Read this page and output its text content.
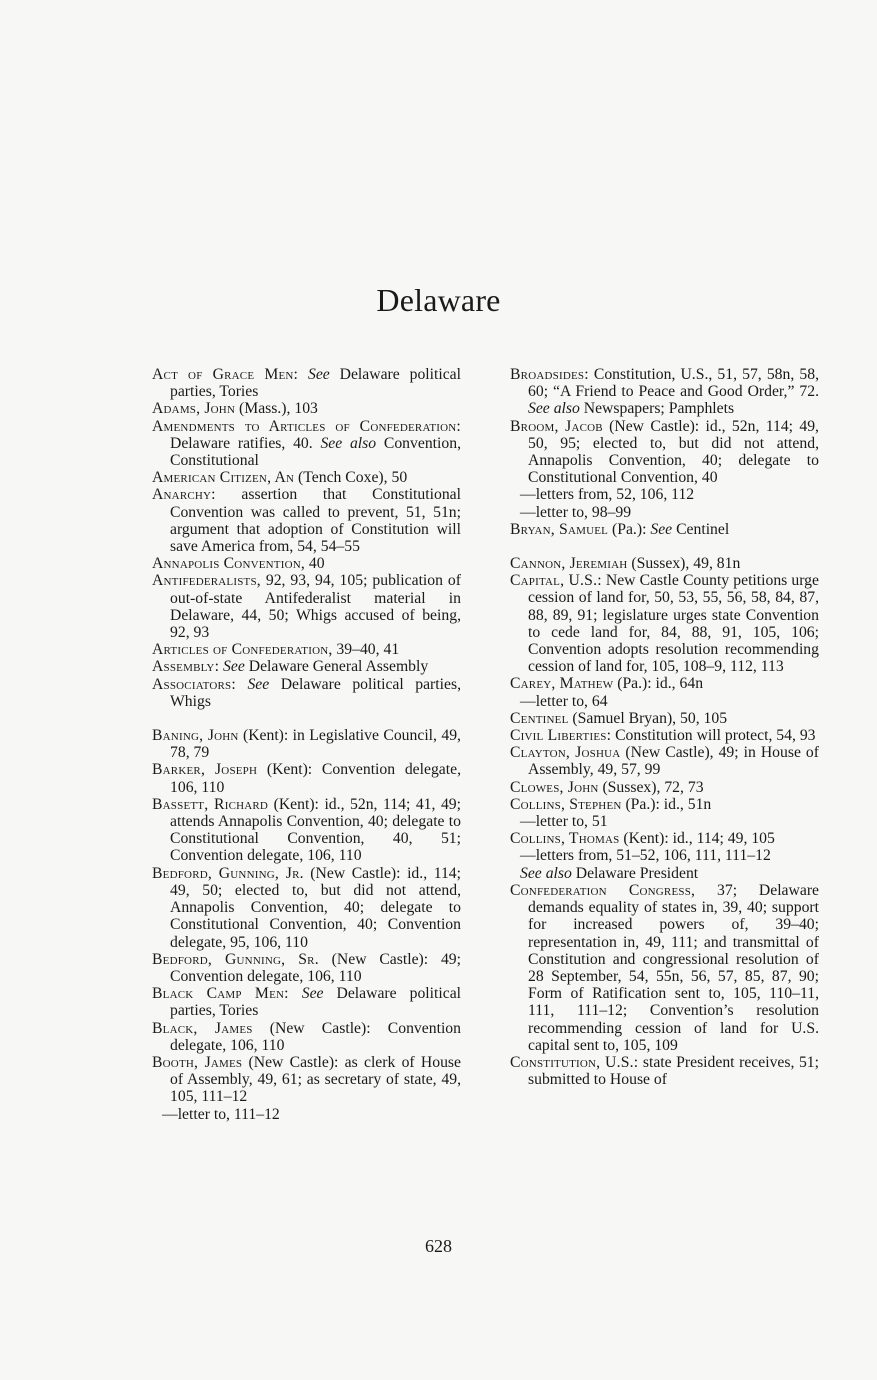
Delaware
Act of Grace Men: See Delaware political parties, Tories
Adams, John (Mass.), 103
Amendments to Articles of Confederation: Delaware ratifies, 40. See also Convention, Constitutional
American Citizen, An (Tench Coxe), 50
Anarchy: assertion that Constitutional Convention was called to prevent, 51, 51n; argument that adoption of Constitution will save America from, 54, 54–55
Annapolis Convention, 40
Antifederalists, 92, 93, 94, 105; publication of out-of-state Antifederalist material in Delaware, 44, 50; Whigs accused of being, 92, 93
Articles of Confederation, 39–40, 41
Assembly: See Delaware General Assembly
Associators: See Delaware political parties, Whigs
Baning, John (Kent): in Legislative Council, 49, 78, 79
Barker, Joseph (Kent): Convention delegate, 106, 110
Bassett, Richard (Kent): id., 52n, 114; 41, 49; attends Annapolis Convention, 40; delegate to Constitutional Convention, 40, 51; Convention delegate, 106, 110
Bedford, Gunning, Jr. (New Castle): id., 114; 49, 50; elected to, but did not attend, Annapolis Convention, 40; delegate to Constitutional Convention, 40; Convention delegate, 95, 106, 110
Bedford, Gunning, Sr. (New Castle): 49; Convention delegate, 106, 110
Black Camp Men: See Delaware political parties, Tories
Black, James (New Castle): Convention delegate, 106, 110
Booth, James (New Castle): as clerk of House of Assembly, 49, 61; as secretary of state, 49, 105, 111–12
—letter to, 111–12
Broadsides: Constitution, U.S., 51, 57, 58n, 58, 60; “A Friend to Peace and Good Order,” 72. See also Newspapers; Pamphlets
Broom, Jacob (New Castle): id., 52n, 114; 49, 50, 95; elected to, but did not attend, Annapolis Convention, 40; delegate to Constitutional Convention, 40
—letters from, 52, 106, 112
—letter to, 98–99
Bryan, Samuel (Pa.): See Centinel
Cannon, Jeremiah (Sussex), 49, 81n
Capital, U.S.: New Castle County petitions urge cession of land for, 50, 53, 55, 56, 58, 84, 87, 88, 89, 91; legislature urges state Convention to cede land for, 84, 88, 91, 105, 106; Convention adopts resolution recommending cession of land for, 105, 108–9, 112, 113
Carey, Mathew (Pa.): id., 64n
—letter to, 64
Centinel (Samuel Bryan), 50, 105
Civil Liberties: Constitution will protect, 54, 93
Clayton, Joshua (New Castle), 49; in House of Assembly, 49, 57, 99
Clowes, John (Sussex), 72, 73
Collins, Stephen (Pa.): id., 51n
—letter to, 51
Collins, Thomas (Kent): id., 114; 49, 105
—letters from, 51–52, 106, 111, 111–12
See also Delaware President
Confederation Congress, 37; Delaware demands equality of states in, 39, 40; support for increased powers of, 39–40; representation in, 49, 111; and transmittal of Constitution and congressional resolution of 28 September, 54, 55n, 56, 57, 85, 87, 90; Form of Ratification sent to, 105, 110–11, 111, 111–12; Convention’s resolution recommending cession of land for U.S. capital sent to, 105, 109
Constitution, U.S.: state President receives, 51; submitted to House of
628
